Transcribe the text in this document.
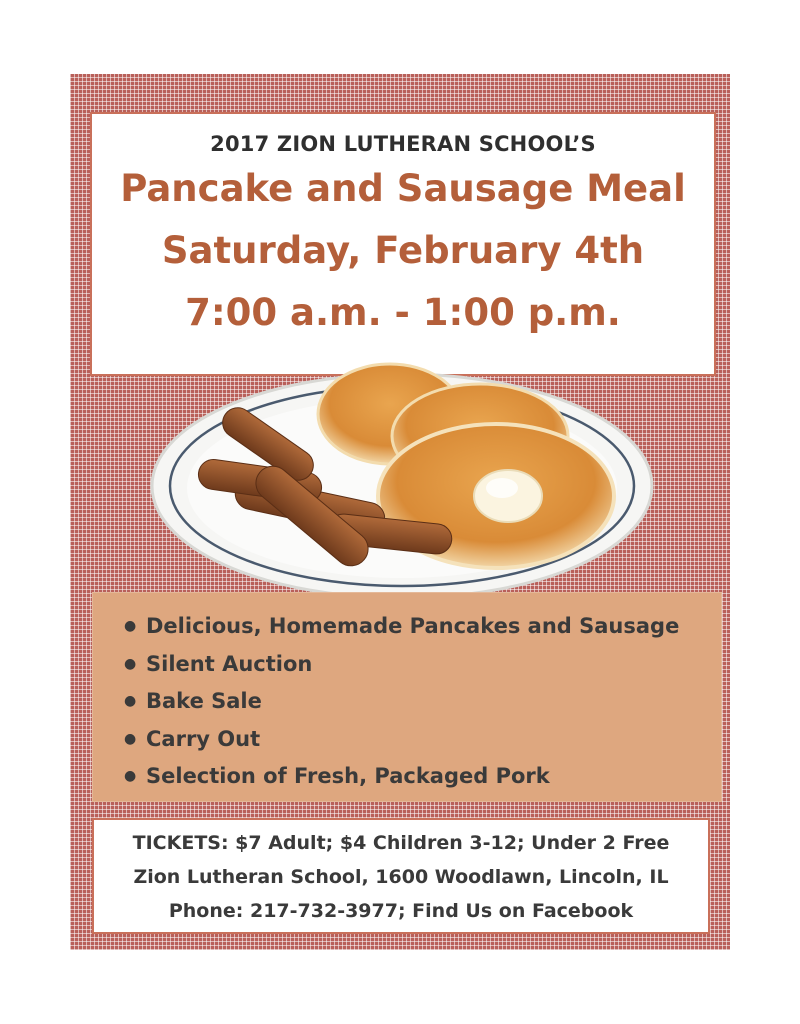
2017 ZION LUTHERAN SCHOOL’S
Pancake and Sausage Meal
Saturday, February 4th
7:00 a.m. - 1:00 p.m.
● Delicious, Homemade Pancakes and Sausage
● Silent Auction
● Bake Sale
● Carry Out
● Selection of Fresh, Packaged Pork
TICKETS: $7 Adult; $4 Children 3-12; Under 2 Free
Zion Lutheran School, 1600 Woodlawn, Lincoln, IL
Phone: 217-732-3977; Find Us on Facebook
